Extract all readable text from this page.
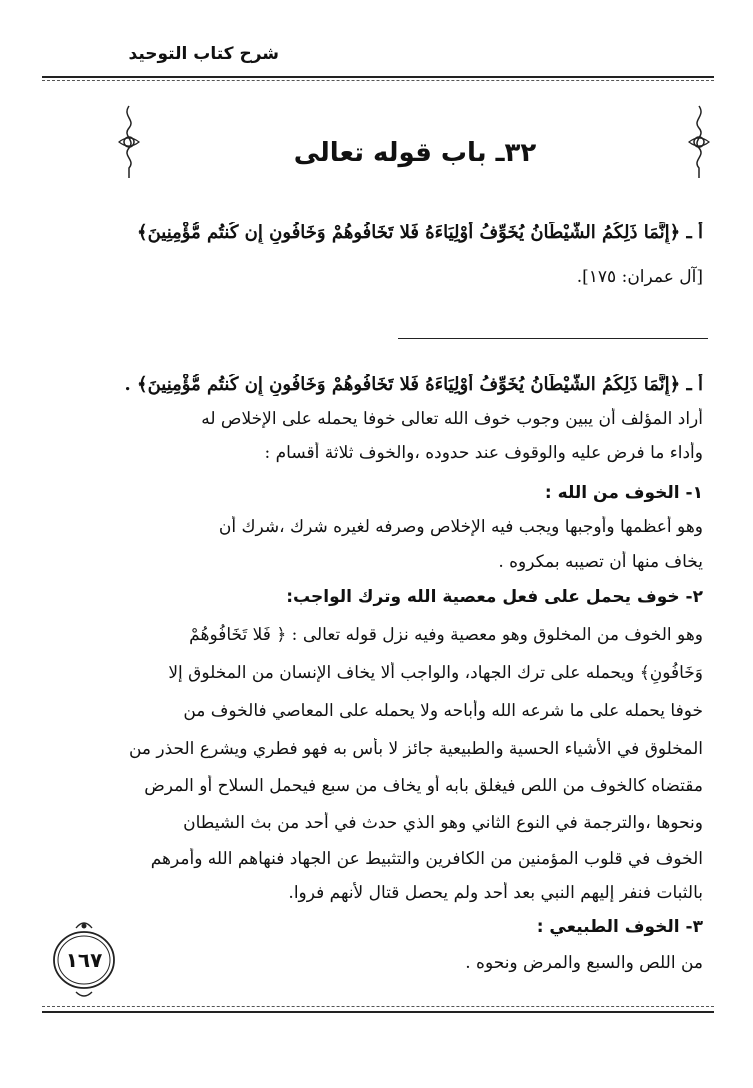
شرح كتاب التوحيد
٣٢ـ باب قوله تعالى
أ ـ ﴿إِنَّمَا ذَلِكُمُ الشَّيْطَانُ يُخَوِّفُ أَوْلِيَاءَهُ فَلا تَخَافُوهُمْ وَخَافُونِ إِن كُنتُم مُّؤْمِنِينَ﴾
[آل عمران: ١٧٥].
أ ـ ﴿إِنَّمَا ذَلِكُمُ الشَّيْطَانُ يُخَوِّفُ أَوْلِيَاءَهُ فَلا تَخَافُوهُمْ وَخَافُونِ إِن كُنتُم مُّؤْمِنِينَ﴾ .
أراد المؤلف أن يبين وجوب خوف الله تعالى خوفا يحمله على الإخلاص له
وأداء ما فرض عليه والوقوف عند حدوده ،والخوف ثلاثة أقسام :
١- الخوف من الله :
وهو أعظمها وأوجبها ويجب فيه الإخلاص وصرفه لغيره شرك ،شرك أن
يخاف منها أن تصيبه بمكروه .
٢- خوف يحمل على فعل معصية الله وترك الواجب:
وهو الخوف من المخلوق وهو معصية وفيه نزل قوله تعالى : ﴿ فَلا تَخَافُوهُمْ
وَخَافُونِ﴾ ويحمله على ترك الجهاد، والواجب ألا يخاف الإنسان من المخلوق إلا
خوفا يحمله على ما شرعه الله وأباحه ولا يحمله على المعاصي فالخوف من
المخلوق في الأشياء الحسية والطبيعية جائز لا بأس به فهو فطري ويشرع الحذر من
مقتضاه كالخوف من اللص فيغلق بابه أو يخاف من سبع فيحمل السلاح أو المرض
ونحوها ،والترجمة في النوع الثاني وهو الذي حدث في أحد من بث الشيطان
الخوف في قلوب المؤمنين من الكافرين والتثبيط عن الجهاد فنهاهم الله وأمرهم
بالثبات فنفر إليهم النبي بعد أحد ولم يحصل قتال لأنهم فروا.
٣- الخوف الطبيعي :
من اللص والسبع والمرض ونحوه .
١٦٧
